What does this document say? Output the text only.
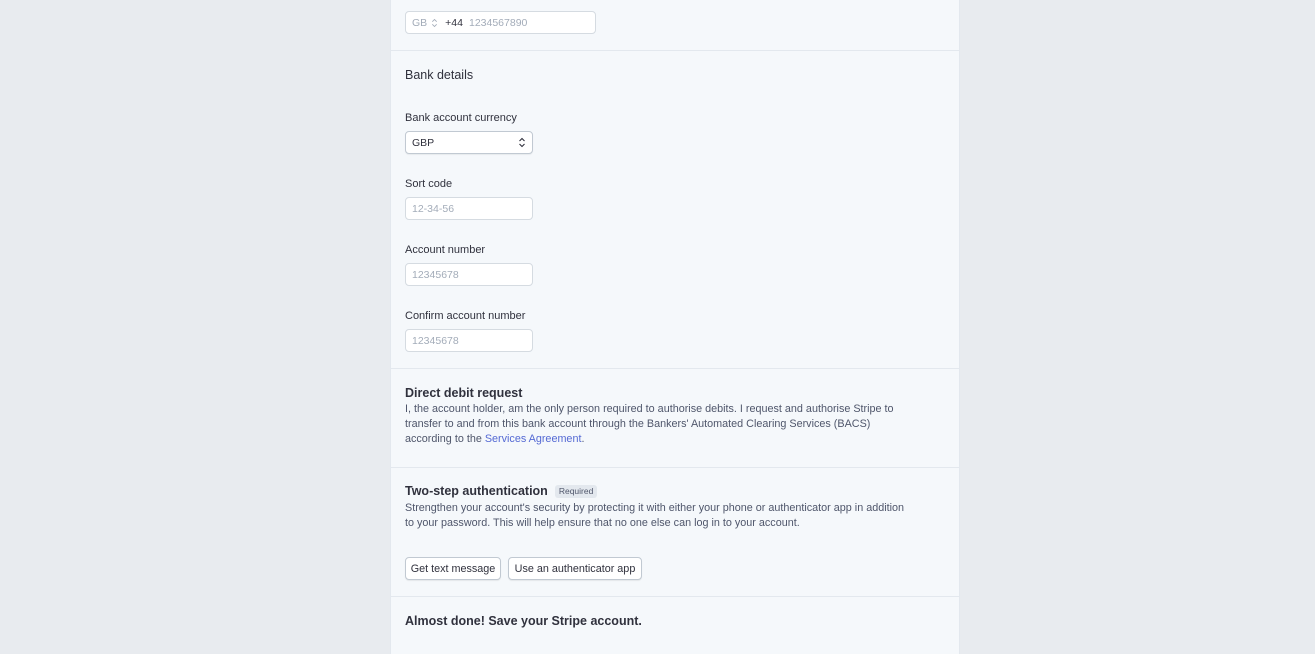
GB +44 1234567890
Bank details
Bank account currency
GBP
Sort code
12-34-56
Account number
12345678
Confirm account number
12345678
Direct debit request
I, the account holder, am the only person required to authorise debits. I request and authorise Stripe to transfer to and from this bank account through the Bankers' Automated Clearing Services (BACS) according to the Services Agreement.
Two-step authentication	Required
Strengthen your account's security by protecting it with either your phone or authenticator app in addition to your password. This will help ensure that no one else can log in to your account.
Get text message	Use an authenticator app
Almost done! Save your Stripe account.
